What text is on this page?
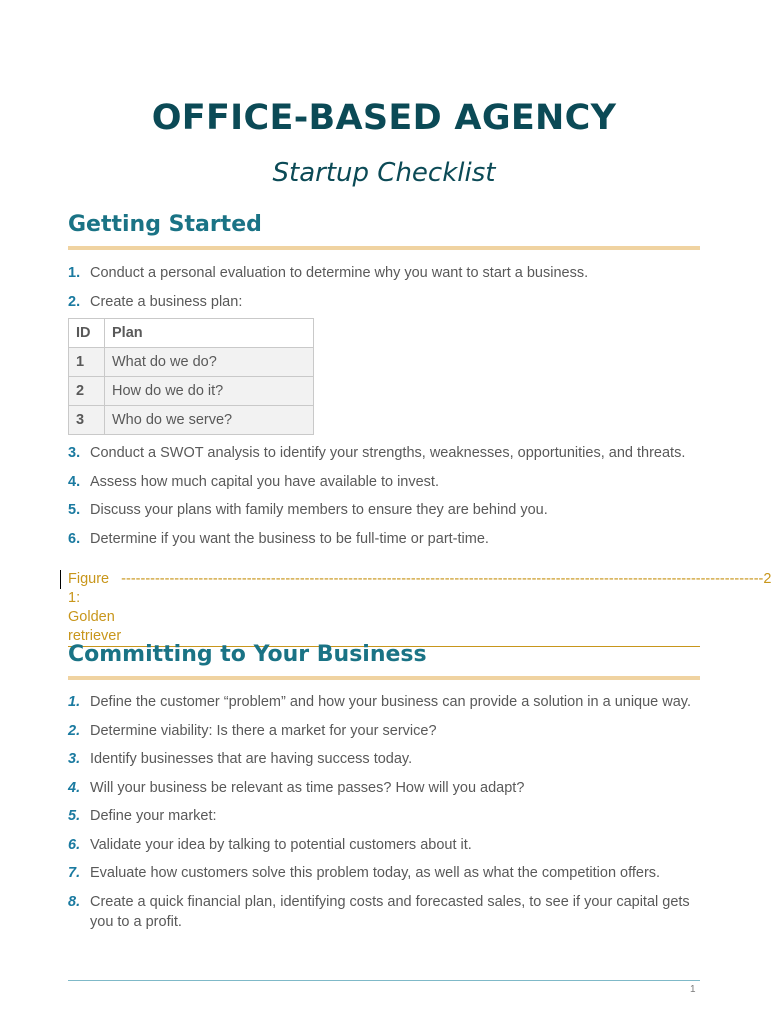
OFFICE-BASED AGENCY
Startup Checklist
Getting Started
1. Conduct a personal evaluation to determine why you want to start a business.
2. Create a business plan:
ID	Plan
1	What do we do?
2	How do we do it?
3	Who do we serve?
3. Conduct a SWOT analysis to identify your strengths, weaknesses, opportunities, and threats.
4. Assess how much capital you have available to invest.
5. Discuss your plans with family members to ensure they are behind you.
6. Determine if you want the business to be full-time or part-time.
Figure 1: Golden retriever
------------------------------------------------------------------------------------------------------------------------------------- 2
Committing to Your Business
1. Define the customer “problem” and how your business can provide a solution in a unique way.
2. Determine viability: Is there a market for your service?
3. Identify businesses that are having success today.
4. Will your business be relevant as time passes? How will you adapt?
5. Define your market:
6. Validate your idea by talking to potential customers about it.
7. Evaluate how customers solve this problem today, as well as what the competition offers.
8. Create a quick financial plan, identifying costs and forecasted sales, to see if your capital gets you to a profit.
1
